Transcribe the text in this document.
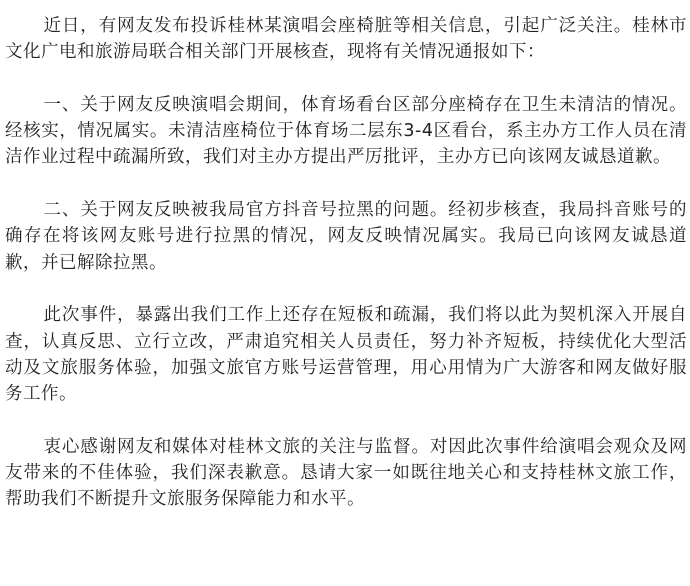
近日，有网友发布投诉桂林某演唱会座椅脏等相关信息，引起广泛关注。桂林市文化广电和旅游局联合相关部门开展核查，现将有关情况通报如下：

一、关于网友反映演唱会期间，体育场看台区部分座椅存在卫生未清洁的情况。经核实，情况属实。未清洁座椅位于体育场二层东3-4区看台，系主办方工作人员在清洁作业过程中疏漏所致，我们对主办方提出严厉批评，主办方已向该网友诚恳道歉。

二、关于网友反映被我局官方抖音号拉黑的问题。经初步核查，我局抖音账号的确存在将该网友账号进行拉黑的情况，网友反映情况属实。我局已向该网友诚恳道歉，并已解除拉黑。

此次事件，暴露出我们工作上还存在短板和疏漏，我们将以此为契机深入开展自查，认真反思、立行立改，严肃追究相关人员责任，努力补齐短板，持续优化大型活动及文旅服务体验，加强文旅官方账号运营管理，用心用情为广大游客和网友做好服务工作。

衷心感谢网友和媒体对桂林文旅的关注与监督。对因此次事件给演唱会观众及网友带来的不佳体验，我们深表歉意。恳请大家一如既往地关心和支持桂林文旅工作，帮助我们不断提升文旅服务保障能力和水平。
